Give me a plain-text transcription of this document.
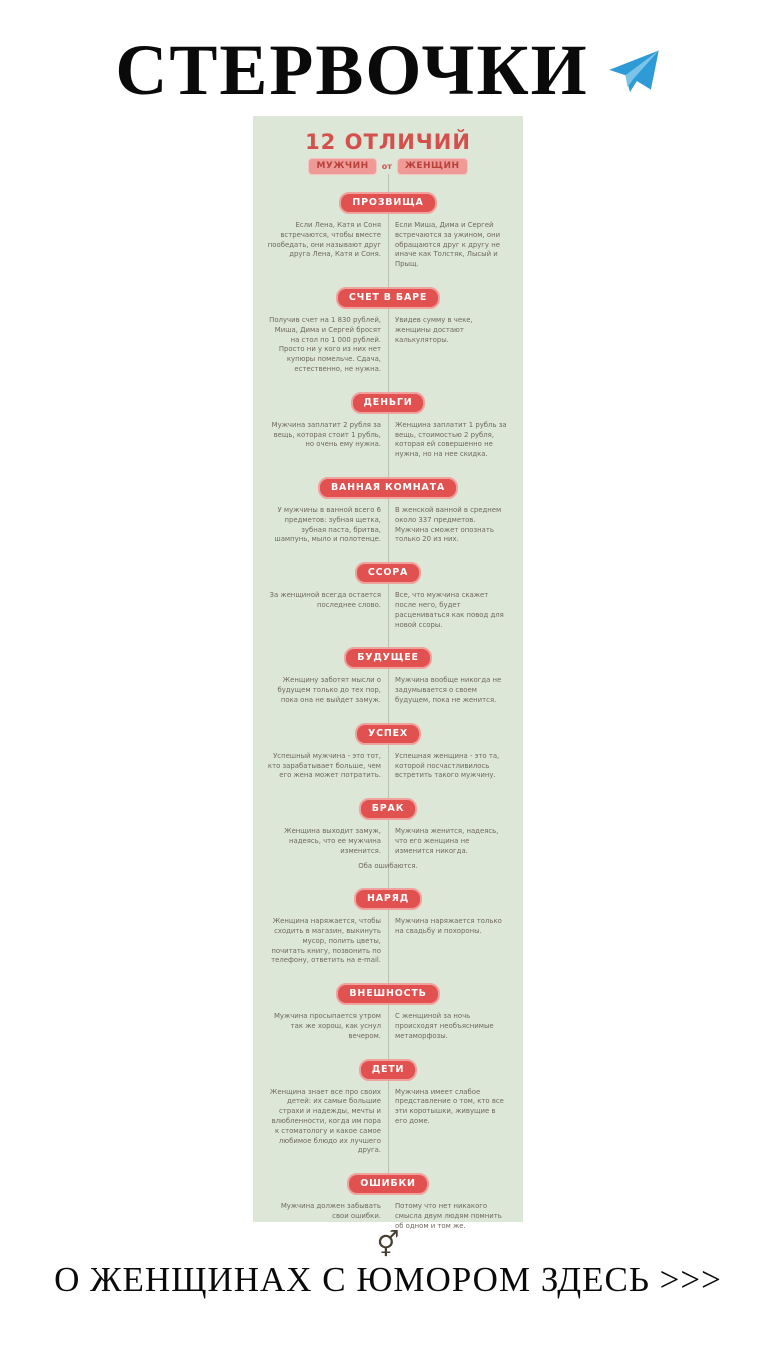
СТЕРВОЧКИ
12 ОТЛИЧИЙ
МУЖЧИН	от	ЖЕНЩИН
ПРОЗВИЩА

Если Лена, Катя и Соня встречаются, чтобы вместе пообедать, они называют друг друга Лена, Катя и Соня.

Если Миша, Дима и Сергей встречаются за ужином, они обращаются друг к другу не иначе как Толстяк, Лысый и Прыщ.

СЧЕТ В БАРЕ

Получив счет на 1 830 рублей, Миша, Дима и Сергей бросят на стол по 1 000 рублей. Просто ни у кого из них нет купюры помельче. Сдача, естественно, не нужна.

Увидев сумму в чеке, женщины достают калькуляторы.

ДЕНЬГИ

Мужчина заплатит 2 рубля за вещь, которая стоит 1 рубль, но очень ему нужна.

Женщина заплатит 1 рубль за вещь, стоимостью 2 рубля, которая ей совершенно не нужна, но на нее скидка.

ВАННАЯ КОМНАТА

У мужчины в ванной всего 6 предметов: зубная щетка, зубная паста, бритва, шампунь, мыло и полотенце.

В женской ванной в среднем около 337 предметов. Мужчина сможет опознать только 20 из них.

ССОРА

За женщиной всегда остается последнее слово.

Все, что мужчина скажет после него, будет расцениваться как повод для новой ссоры.

БУДУЩЕЕ

Женщину заботят мысли о будущем только до тех пор, пока она не выйдет замуж.

Мужчина вообще никогда не задумывается о своем будущем, пока не женится.

УСПЕХ

Успешный мужчина - это тот, кто зарабатывает больше, чем его жена может потратить.

Успешная женщина - это та, которой посчастливилось встретить такого мужчину.

БРАК

Женщина выходит замуж, надеясь, что ее мужчина изменится.

Мужчина женится, надеясь, что его женщина не изменится никогда.

Оба ошибаются.

НАРЯД

Женщина наряжается, чтобы сходить в магазин, выкинуть мусор, полить цветы, почитать книгу, позвонить по телефону, ответить на e-mail.

Мужчина наряжается только на свадьбу и похороны.

ВНЕШНОСТЬ

Мужчина просыпается утром так же хорош, как уснул вечером.

С женщиной за ночь происходят необъяснимые метаморфозы.

ДЕТИ

Женщина знает все про своих детей: их самые большие страхи и надежды, мечты и влюбленности, когда им пора к стоматологу и какое самое любимое блюдо их лучшего друга.

Мужчина имеет слабое представление о том, кто все эти коротышки, живущие в его доме.

ОШИБКИ

Мужчина должен забывать свои ошибки.

Потому что нет никакого смысла двум людям помнить об одном и том же.

⚥
О ЖЕНЩИНАХ С ЮМОРОМ ЗДЕСЬ >>>
